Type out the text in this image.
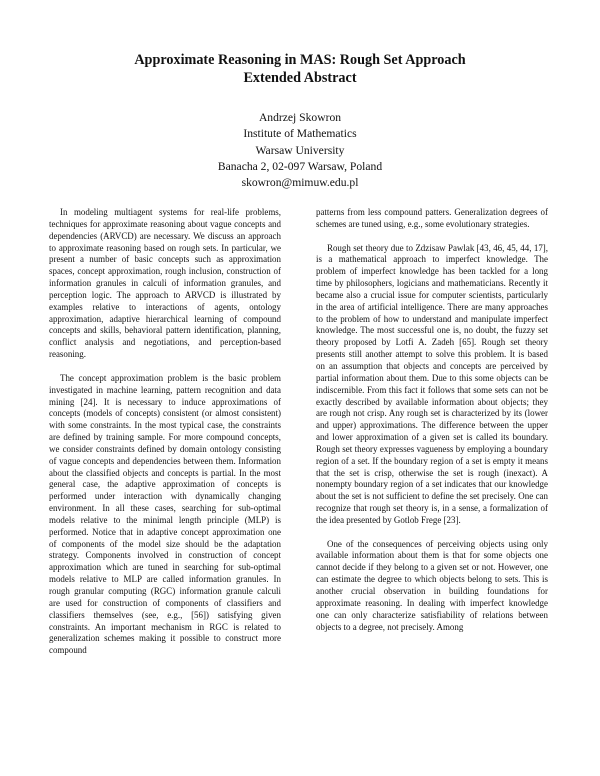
Approximate Reasoning in MAS: Rough Set Approach
Extended Abstract
Andrzej Skowron
Institute of Mathematics
Warsaw University
Banacha 2, 02-097 Warsaw, Poland
skowron@mimuw.edu.pl

In modeling multiagent systems for real-life problems, techniques for approximate reasoning about vague concepts and dependencies (ARVCD) are necessary. We discuss an approach to approximate reasoning based on rough sets. In particular, we present a number of basic concepts such as approximation spaces, concept approximation, rough inclusion, construction of information granules in calculi of information granules, and perception logic. The approach to ARVCD is illustrated by examples relative to interactions of agents, ontology approximation, adaptive hierarchical learning of compound concepts and skills, behavioral pattern identification, planning, conflict analysis and negotiations, and perception-based reasoning.

The concept approximation problem is the basic problem investigated in machine learning, pattern recognition and data mining [24]. It is necessary to induce approximations of concepts (models of concepts) consistent (or almost consistent) with some constraints. In the most typical case, the constraints are defined by training sample. For more compound concepts, we consider constraints defined by domain ontology consisting of vague concepts and dependencies between them. Information about the classified objects and concepts is partial. In the most general case, the adaptive approximation of concepts is performed under interaction with dynamically changing environment. In all these cases, searching for sub-optimal models relative to the minimal length principle (MLP) is performed. Notice that in adaptive concept approximation one of components of the model size should be the adaptation strategy. Components involved in construction of concept approximation which are tuned in searching for sub-optimal models relative to MLP are called information granules. In rough granular computing (RGC) information granule calculi are used for construction of components of classifiers and classifiers themselves (see, e.g., [56]) satisfying given constraints. An important mechanism in RGC is related to generalization schemes making it possible to construct more compound

patterns from less compound patters. Generalization degrees of schemes are tuned using, e.g., some evolutionary strategies.

Rough set theory due to Zdzisaw Pawlak [43, 46, 45, 44, 17], is a mathematical approach to imperfect knowledge. The problem of imperfect knowledge has been tackled for a long time by philosophers, logicians and mathematicians. Recently it became also a crucial issue for computer scientists, particularly in the area of artificial intelligence. There are many approaches to the problem of how to understand and manipulate imperfect knowledge. The most successful one is, no doubt, the fuzzy set theory proposed by Lotfi A. Zadeh [65]. Rough set theory presents still another attempt to solve this problem. It is based on an assumption that objects and concepts are perceived by partial information about them. Due to this some objects can be indiscernible. From this fact it follows that some sets can not be exactly described by available information about objects; they are rough not crisp. Any rough set is characterized by its (lower and upper) approximations. The difference between the upper and lower approximation of a given set is called its boundary. Rough set theory expresses vagueness by employing a boundary region of a set. If the boundary region of a set is empty it means that the set is crisp, otherwise the set is rough (inexact). A nonempty boundary region of a set indicates that our knowledge about the set is not sufficient to define the set precisely. One can recognize that rough set theory is, in a sense, a formalization of the idea presented by Gotlob Frege [23].

One of the consequences of perceiving objects using only available information about them is that for some objects one cannot decide if they belong to a given set or not. However, one can estimate the degree to which objects belong to sets. This is another crucial observation in building foundations for approximate reasoning. In dealing with imperfect knowledge one can only characterize satisfiability of relations between objects to a degree, not precisely. Among
